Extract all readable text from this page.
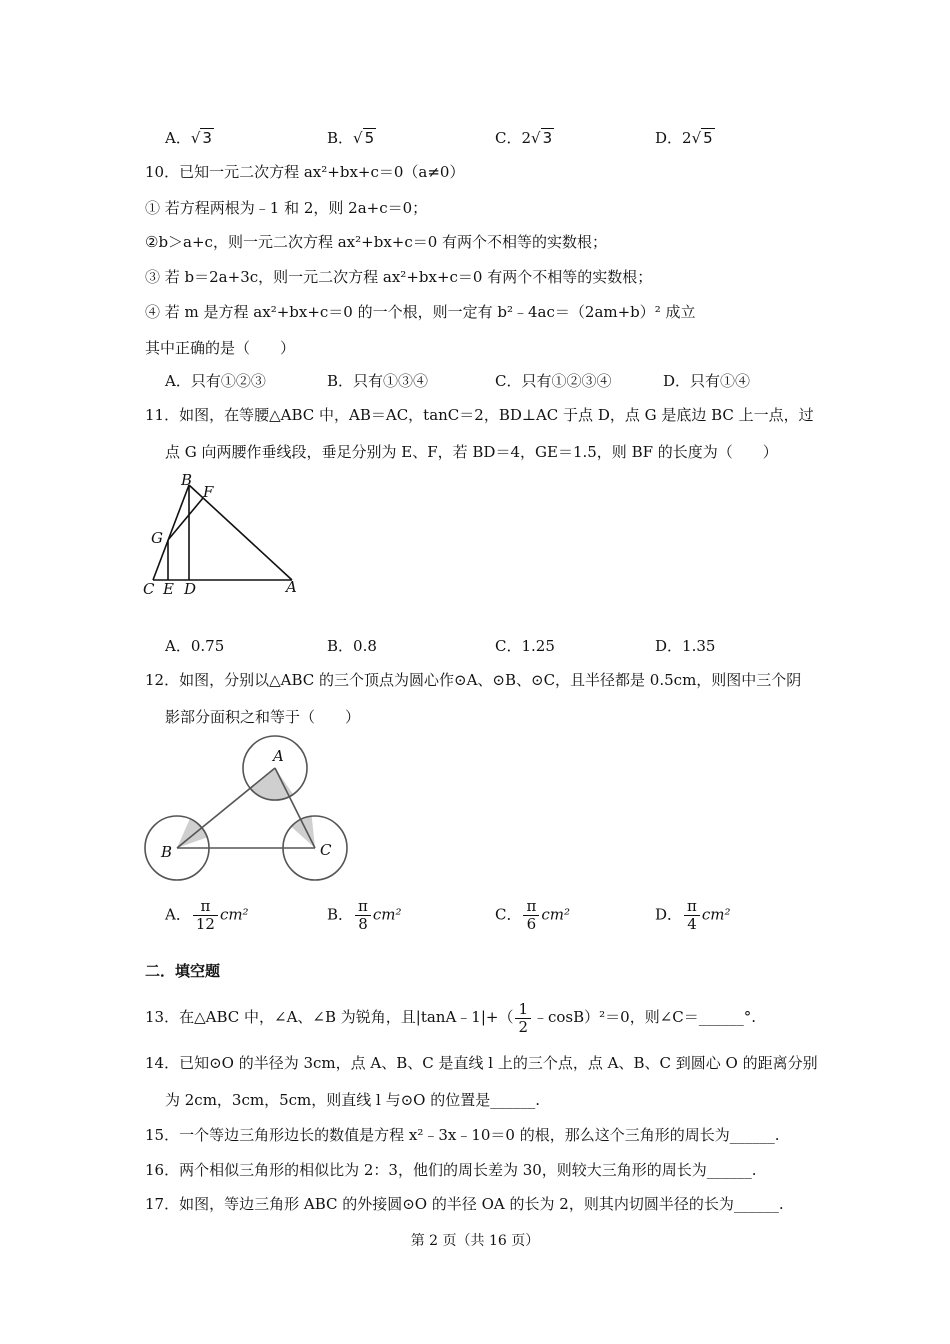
A．√ 3	B．√ 5	C．2√ 3	D．2√ 5
10．已知一元二次方程 ax²+bx+c＝0（a≠0）
① 若方程两根为﹣1 和 2，则 2a+c＝0；
②b＞a+c，则一元二次方程 ax²+bx+c＝0 有两个不相等的实数根；
③ 若 b＝2a+3c，则一元二次方程 ax²+bx+c＝0 有两个不相等的实数根；
④ 若 m 是方程 ax²+bx+c＝0 的一个根，则一定有 b²﹣4ac＝（2am+b）² 成立
其中正确的是（　　）
A．只有①②③	B．只有①③④	C．只有①②③④	D．只有①④
11．如图，在等腰△ABC 中，AB＝AC，tanC＝2，BD⊥AC 于点 D，点 G 是底边 BC 上一点，过
点 G 向两腰作垂线段，垂足分别为 E、F，若 BD＝4，GE＝1.5，则 BF 的长度为（　　）
B
F
G
C E D	A
A．0.75	B．0.8	C．1.25	D．1.35
12．如图，分别以△ABC 的三个顶点为圆心作⊙A、⊙B、⊙C，且半径都是 0.5cm，则图中三个阴
影部分面积之和等于（　　）
A
B	C
A． $\frac{\pi}{12} cm^2$	B． $\frac{\pi}{8} cm^2$	C． $\frac{\pi}{6} cm^2$	D． $\frac{\pi}{4} cm^2$
二．填空题
13．在△ABC 中，∠A、∠B 为锐角，且|tanA﹣1|+（ $\frac{1}{2}$ ﹣cosB）²＝0，则∠C＝______°.
14．已知⊙O 的半径为 3cm，点 A、B、C 是直线 l 上的三个点，点 A、B、C 到圆心 O 的距离分别
为 2cm，3cm，5cm，则直线 l 与⊙O 的位置是______.
15．一个等边三角形边长的数值是方程 x²﹣3x﹣10＝0 的根，那么这个三角形的周长为______.
16．两个相似三角形的相似比为 2：3，他们的周长差为 30，则较大三角形的周长为______.
17．如图，等边三角形 ABC 的外接圆⊙O 的半径 OA 的长为 2，则其内切圆半径的长为______.
第 2 页（共 16 页）
